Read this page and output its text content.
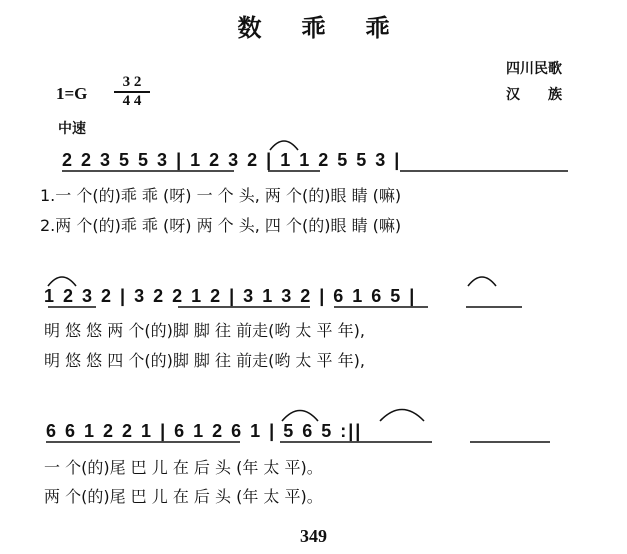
数 乖 乖
四川民歌
汉　　族
1=G
3 2
4 4
中速
2 2 3 5 5 3 | 1 2 3 2 | 1 1 2 5 5 3 |
1.一 个(的)乖 乖 (呀) 一 个 头, 两 个(的)眼 睛 (嘛)
2.两 个(的)乖 乖 (呀) 两 个 头, 四 个(的)眼 睛 (嘛)
1 2 3 2 | 3 2 2 1 2 | 3 1 3 2 | 6 1 6 5 |
明 悠 悠 两 个(的)脚 脚 往 前走(哟 太 平 年),
明 悠 悠 四 个(的)脚 脚 往 前走(哟 太 平 年),
6 6 1 2 2 1 | 6 1 2 6 1 | 5 6 5 :||
一 个(的)尾 巴 儿 在 后 头 (年 太 平)。
两 个(的)尾 巴 儿 在 后 头 (年 太 平)。
349
